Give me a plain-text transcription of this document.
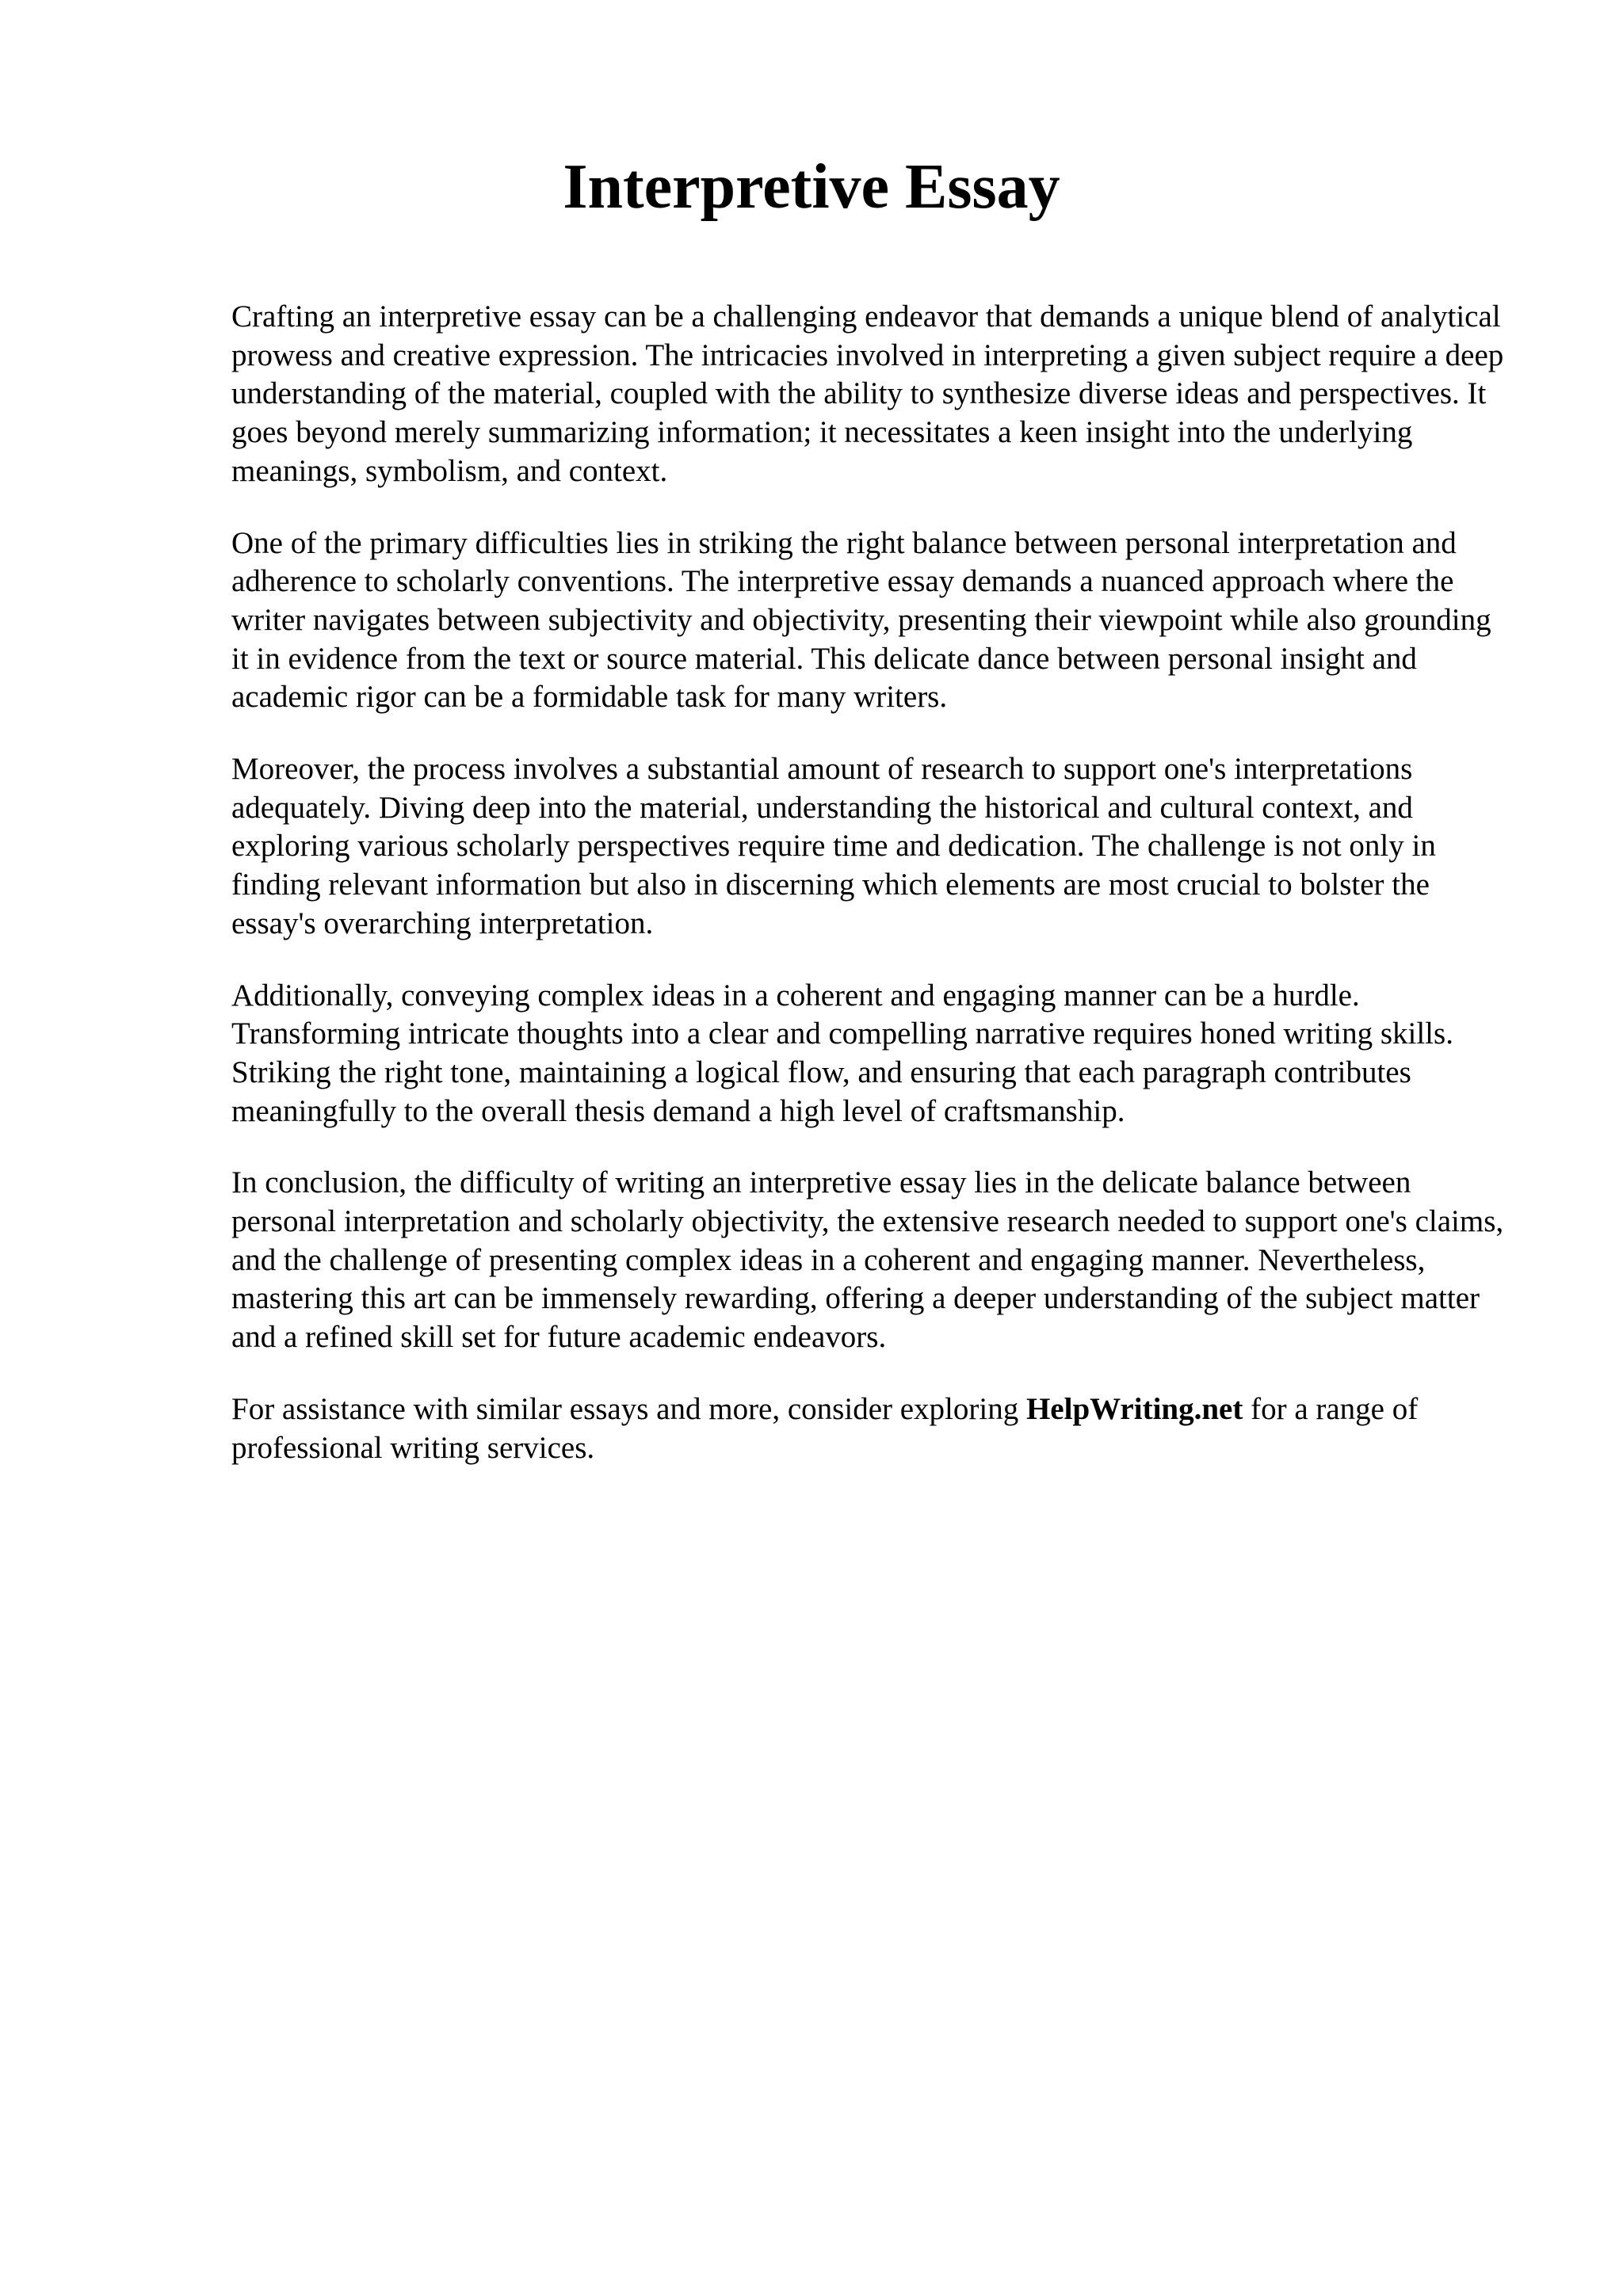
Interpretive Essay

Crafting an interpretive essay can be a challenging endeavor that demands a unique blend of analytical prowess and creative expression. The intricacies involved in interpreting a given subject require a deep understanding of the material, coupled with the ability to synthesize diverse ideas and perspectives. It goes beyond merely summarizing information; it necessitates a keen insight into the underlying meanings, symbolism, and context.

One of the primary difficulties lies in striking the right balance between personal interpretation and adherence to scholarly conventions. The interpretive essay demands a nuanced approach where the writer navigates between subjectivity and objectivity, presenting their viewpoint while also grounding it in evidence from the text or source material. This delicate dance between personal insight and academic rigor can be a formidable task for many writers.

Moreover, the process involves a substantial amount of research to support one's interpretations adequately. Diving deep into the material, understanding the historical and cultural context, and exploring various scholarly perspectives require time and dedication. The challenge is not only in finding relevant information but also in discerning which elements are most crucial to bolster the essay's overarching interpretation.

Additionally, conveying complex ideas in a coherent and engaging manner can be a hurdle. Transforming intricate thoughts into a clear and compelling narrative requires honed writing skills. Striking the right tone, maintaining a logical flow, and ensuring that each paragraph contributes meaningfully to the overall thesis demand a high level of craftsmanship.

In conclusion, the difficulty of writing an interpretive essay lies in the delicate balance between personal interpretation and scholarly objectivity, the extensive research needed to support one's claims, and the challenge of presenting complex ideas in a coherent and engaging manner. Nevertheless, mastering this art can be immensely rewarding, offering a deeper understanding of the subject matter and a refined skill set for future academic endeavors.

For assistance with similar essays and more, consider exploring HelpWriting.net for a range of professional writing services.
